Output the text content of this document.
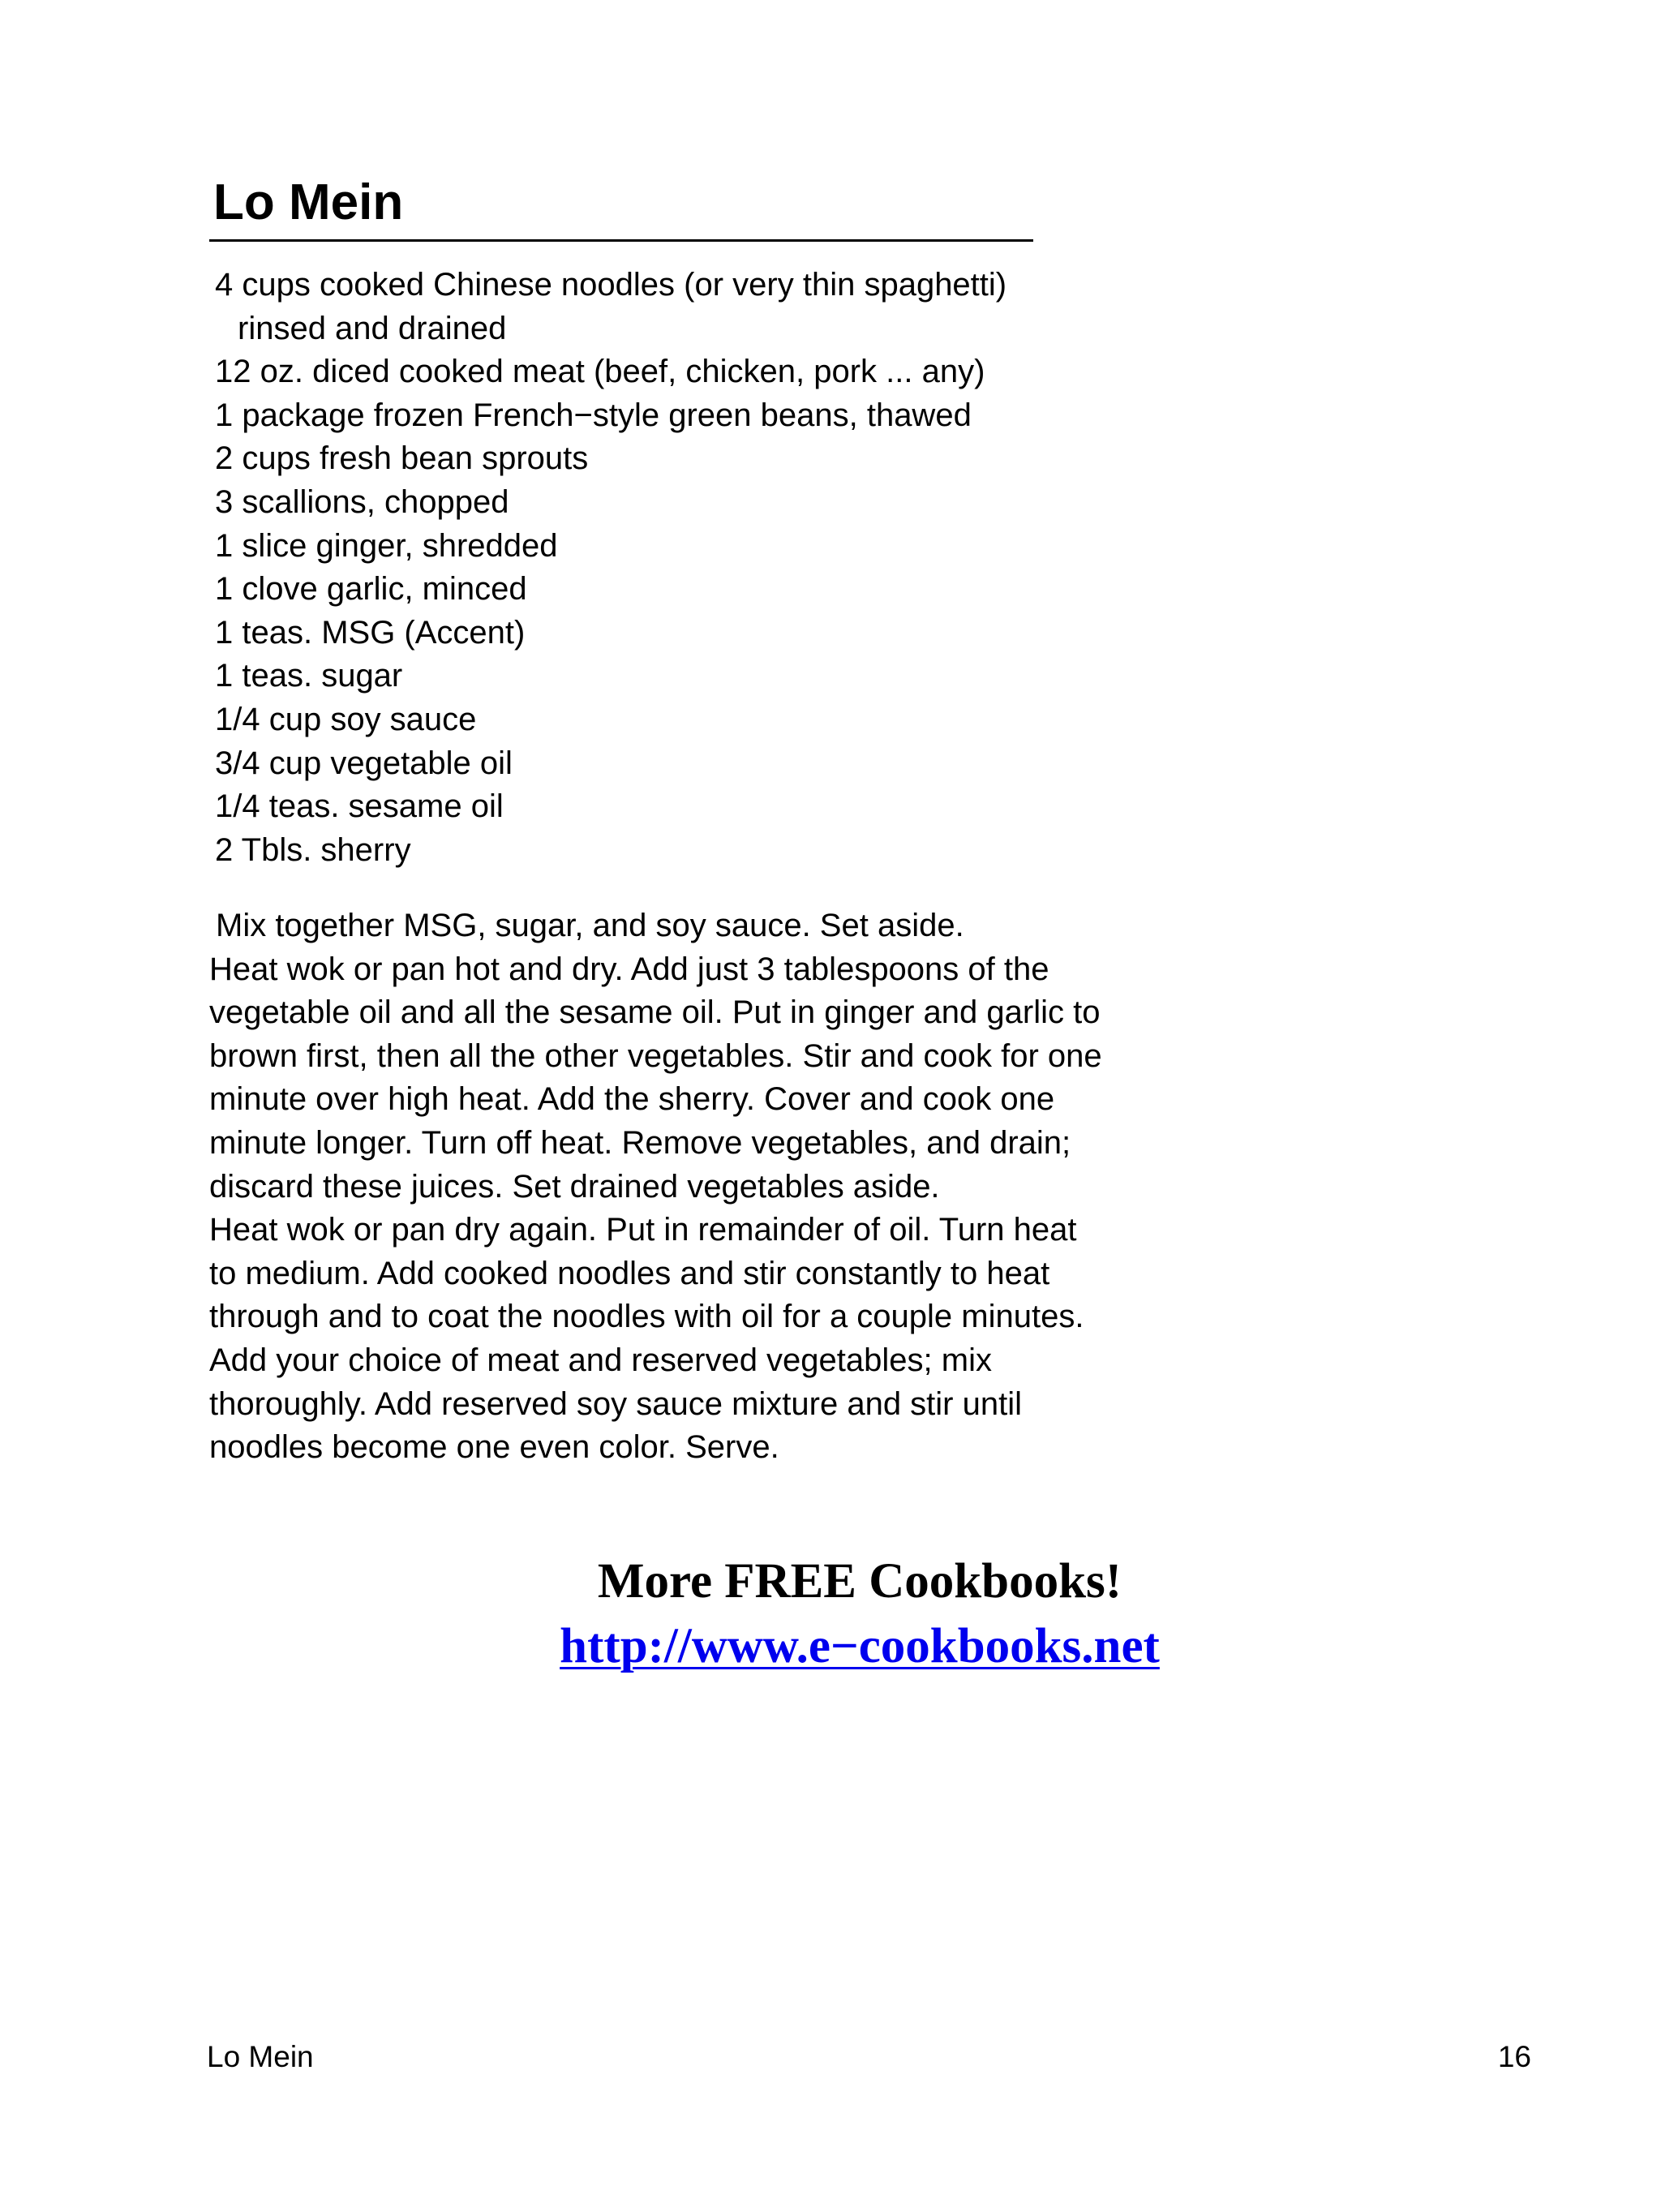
Lo Mein
4 cups cooked Chinese noodles (or very thin spaghetti)
rinsed and drained
12 oz. diced cooked meat (beef, chicken, pork ... any)
1 package frozen French−style green beans, thawed
2 cups fresh bean sprouts
3 scallions, chopped
1 slice ginger, shredded
1 clove garlic, minced
1 teas. MSG (Accent)
1 teas. sugar
1/4 cup soy sauce
3/4 cup vegetable oil
1/4 teas. sesame oil
2 Tbls. sherry

Mix together MSG, sugar, and soy sauce. Set aside.

Heat wok or pan hot and dry. Add just 3 tablespoons of the

vegetable oil and all the sesame oil. Put in ginger and garlic to

brown first, then all the other vegetables. Stir and cook for one

minute over high heat. Add the sherry. Cover and cook one

minute longer. Turn off heat. Remove vegetables, and drain;

discard these juices. Set drained vegetables aside.

Heat wok or pan dry again. Put in remainder of oil. Turn heat

to medium. Add cooked noodles and stir constantly to heat

through and to coat the noodles with oil for a couple minutes.

Add your choice of meat and reserved vegetables; mix

thoroughly. Add reserved soy sauce mixture and stir until

noodles become one even color. Serve.

More FREE Cookbooks!

http://www.e−cookbooks.net
Lo Mein	16
